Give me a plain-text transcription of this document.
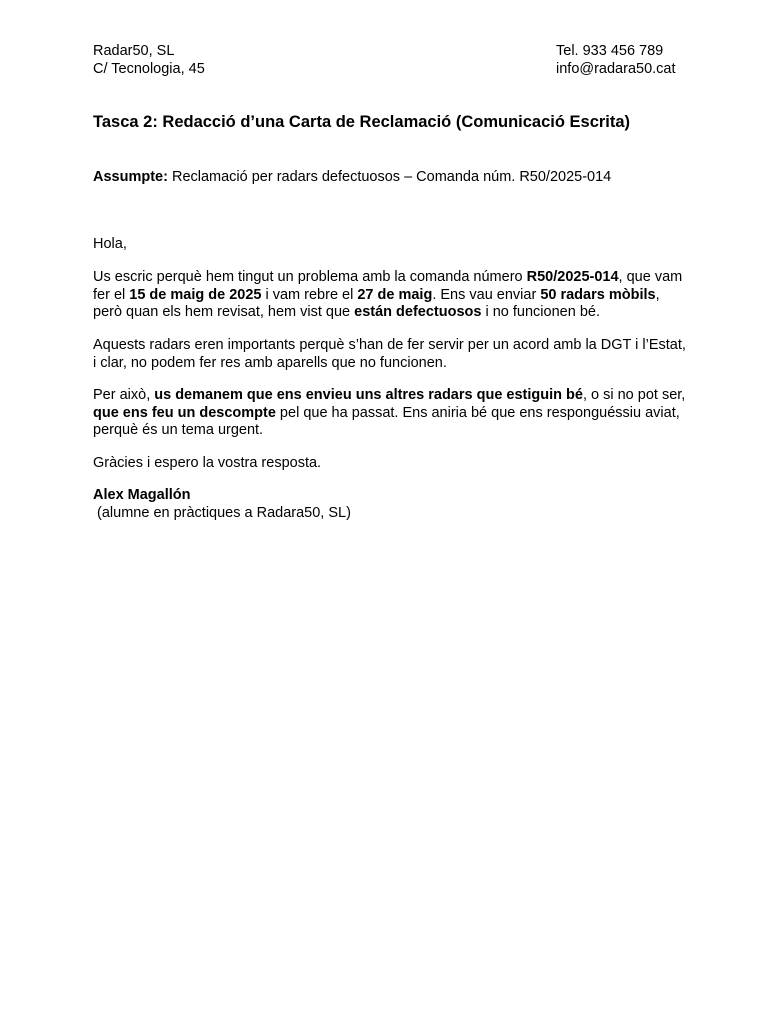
Radar50, SL
C/ Tecnologia, 45
Tel. 933 456 789
info@radara50.cat
Tasca 2: Redacció d’una Carta de Reclamació (Comunicació Escrita)
Assumpte: Reclamació per radars defectuosos – Comanda núm. R50/2025-014
Hola,
Us escric perquè hem tingut un problema amb la comanda número R50/2025-014, que vam
fer el 15 de maig de 2025 i vam rebre el 27 de maig. Ens vau enviar 50 radars mòbils,
però quan els hem revisat, hem vist que están defectuosos i no funcionen bé.
Aquests radars eren importants perquè s’han de fer servir per un acord amb la DGT i l’Estat,
i clar, no podem fer res amb aparells que no funcionen.
Per això, us demanem que ens envieu uns altres radars que estiguin bé, o si no pot ser,
que ens feu un descompte pel que ha passat. Ens aniria bé que ens responguéssiu aviat,
perquè és un tema urgent.
Gràcies i espero la vostra resposta.
Alex Magallón
(alumne en pràctiques a Radara50, SL)
